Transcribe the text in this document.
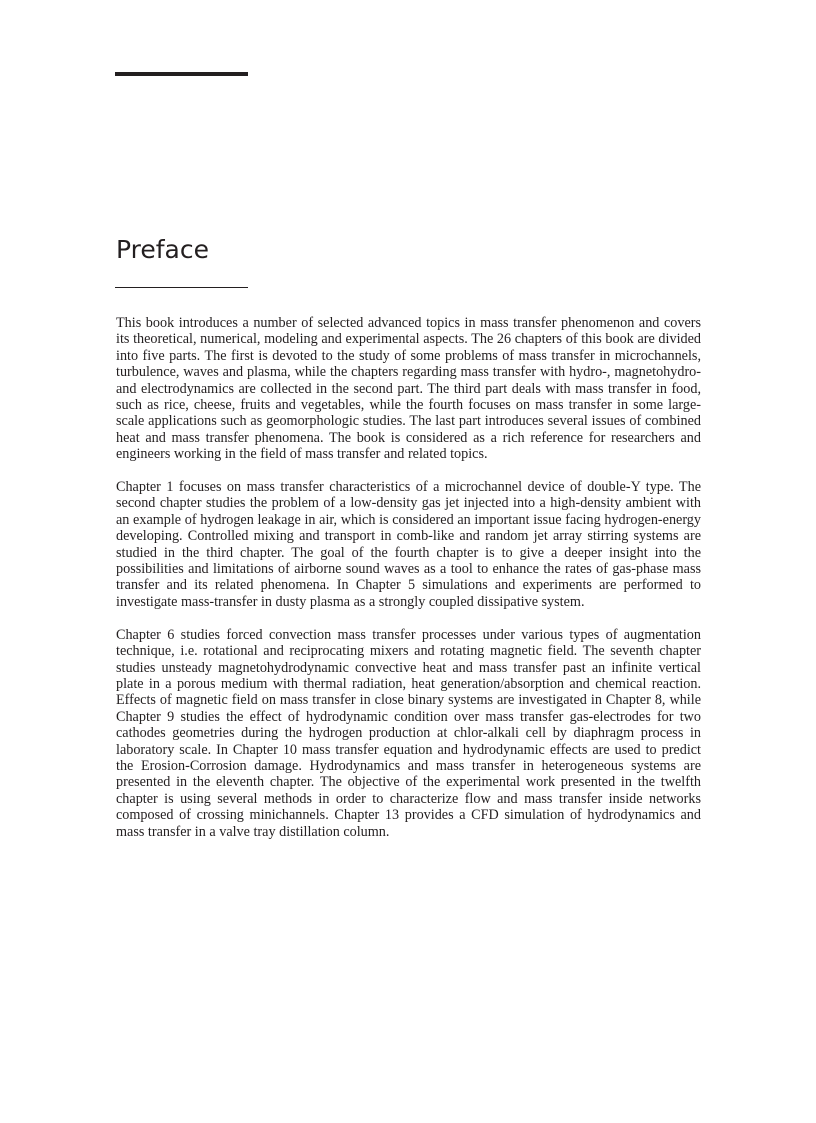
Preface

This book introduces a number of selected advanced topics in mass transfer phenomenon and covers its theoretical, numerical, modeling and experimental aspects. The 26 chapters of this book are divided into five parts. The first is devoted to the study of some problems of mass transfer in microchannels, turbulence, waves and plasma, while the chapters regarding mass transfer with hydro-, magnetohydro- and electrodynamics are collected in the second part. The third part deals with mass transfer in food, such as rice, cheese, fruits and vegetables, while the fourth focuses on mass transfer in some large-scale applications such as geomorphologic studies. The last part introduces several issues of combined heat and mass transfer phenomena. The book is considered as a rich reference for researchers and engineers working in the field of mass transfer and related topics.

Chapter 1 focuses on mass transfer characteristics of a microchannel device of double-Y type. The second chapter studies the problem of a low-density gas jet injected into a high-density ambient with an example of hydrogen leakage in air, which is considered an important issue facing hydrogen-energy developing. Controlled mixing and transport in comb-like and random jet array stirring systems are studied in the third chapter. The goal of the fourth chapter is to give a deeper insight into the possibilities and limitations of airborne sound waves as a tool to enhance the rates of gas-phase mass transfer and its related phenomena. In Chapter 5 simulations and experiments are performed to investigate mass-transfer in dusty plasma as a strongly coupled dissipative system.

Chapter 6 studies forced convection mass transfer processes under various types of augmentation technique, i.e. rotational and reciprocating mixers and rotating magnetic field. The seventh chapter studies unsteady magnetohydrodynamic convective heat and mass transfer past an infinite vertical plate in a porous medium with thermal radiation, heat generation/absorption and chemical reaction. Effects of magnetic field on mass transfer in close binary systems are investigated in Chapter 8, while Chapter 9 studies the effect of hydrodynamic condition over mass transfer gas-electrodes for two cathodes geometries during the hydrogen production at chlor-alkali cell by diaphragm process in laboratory scale. In Chapter 10 mass transfer equation and hydrodynamic effects are used to predict the Erosion-Corrosion damage. Hydrodynamics and mass transfer in heterogeneous systems are presented in the eleventh chapter. The objective of the experimental work presented in the twelfth chapter is using several methods in order to characterize flow and mass transfer inside networks composed of crossing minichannels. Chapter 13 provides a CFD simulation of hydrodynamics and mass transfer in a valve tray distillation column.
